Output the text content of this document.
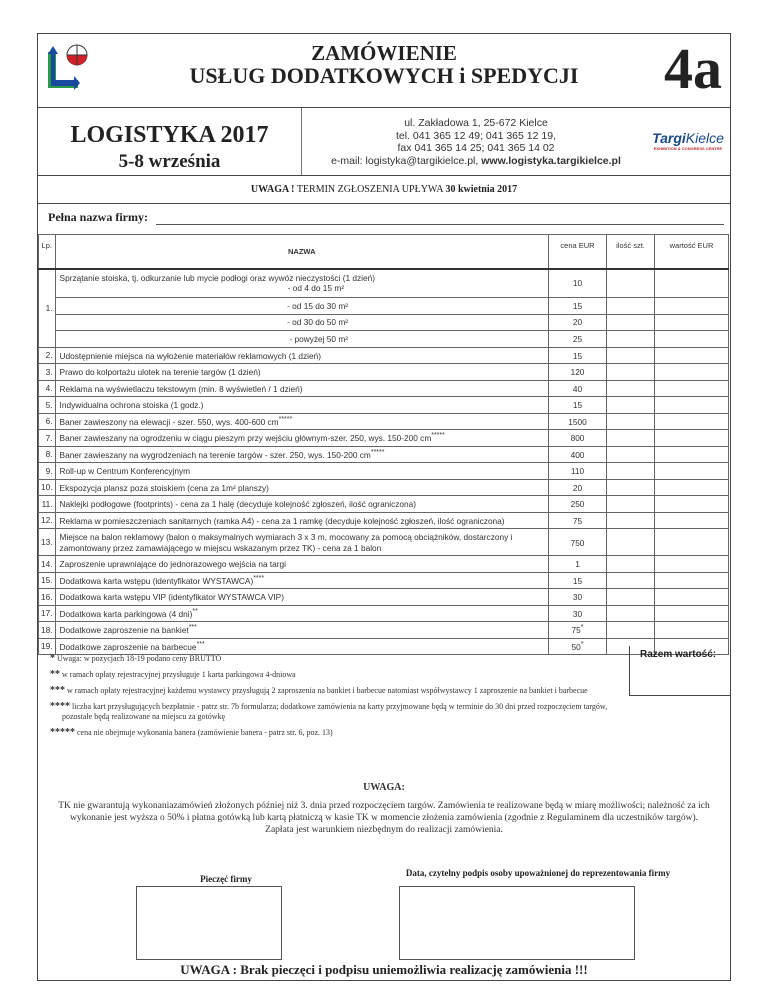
ZAMÓWIENIE
USŁUG DODATKOWYCH i SPEDYCJI	4a
LOGISTYKA 2017
5-8 września
ul. Zakładowa 1, 25-672 Kielce
tel. 041 365 12 49; 041 365 12 19,
fax 041 365 14 25; 041 365 14 02
e-mail: logistyka@targikielce.pl, www.logistyka.targikielce.pl
TargiKielce
EXHIBITION & CONGRESS CENTRE
UWAGA ! TERMIN ZGŁOSZENIA UPŁYWA 30 kwietnia 2017
Pełna nazwa firmy:
Lp.	NAZWA	cena EUR	ilość szt.	wartość EUR
1.	Sprzątanie stoiska, tj. odkurzanie lub mycie podłogi oraz wywóz nieczystości (1 dzień)
- od 4 do 15 m²	10		
	- od 15 do 30 m²	15		
	- od 30 do 50 m²	20		
	- powyżej 50 m²	25		
2.	Udostępnienie miejsca na wyłożenie materiałów reklamowych (1 dzień)	15		
3.	Prawo do kolportażu ulotek na terenie targów (1 dzień)	120		
4.	Reklama na wyświetlaczu tekstowym (min. 8 wyświetleń / 1 dzień)	40		
5.	Indywidualna ochrona stoiska (1 godz.)	15		
6.	Baner zawieszony na elewacji - szer. 550, wys. 400-600 cm*****	1500		
7.	Baner zawieszany na ogrodzeniu w ciągu pieszym przy wejściu głównym-szer. 250, wys. 150-200 cm*****	800		
8.	Baner zawieszany na wygrodzeniach na terenie targów - szer. 250, wys. 150-200 cm*****	400		
9.	Roll-up w Centrum Konferencyjnym	110		
10.	Ekspozycja plansz poza stoiskiem (cena za 1m² planszy)	20		
11.	Naklejki podłogowe (footprints) - cena za 1 halę (decyduje kolejność zgłoszeń, ilość ograniczona)	250		
12.	Reklama w pomieszczeniach sanitarnych (ramka A4) - cena za 1 ramkę (decyduje kolejność zgłoszeń, ilość ograniczona)	75		
13.	Miejsce na balon reklamowy (balon o maksymalnych wymiarach 3 x 3 m, mocowany za pomocą obciążników, dostarczony i zamontowany przez zamawiającego w miejscu wskazanym przez TK) - cena za 1 balon	750		
14.	Zaproszenie uprawniające do jednorazowego wejścia na targi	1		
15.	Dodatkowa karta wstępu (identyfikator WYSTAWCA)****	15		
16.	Dodatkowa karta wstępu VIP (identyfikator WYSTAWCA VIP)	30		
17.	Dodatkowa karta parkingowa (4 dni)**	30		
18.	Dodatkowe zaproszenie na bankiet***	75*		
19.	Dodatkowe zaproszenie na barbecue***	50*		
Razem wartość:

* Uwaga: w pozycjach 18-19 podano ceny BRUTTO

** w ramach opłaty rejestracyjnej przysługuje 1 karta parkingowa 4-dniowa

*** w ramach opłaty rejestracyjnej każdemu wystawcy przysługują 2 zaproszenia na bankiet i barbecue natomiast współwystawcy 1 zaproszenie na bankiet i barbecue

**** liczba kart przysługujących bezpłatnie - patrz str. 7b formularza; dodatkowe zamówienia na karty przyjmowane będą w terminie do 30 dni przed rozpoczęciem targów, pozostałe będą realizowane na miejscu za gotówkę

***** cena nie obejmuje wykonania banera (zamówienie banera - patrz str. 6, poz. 13)

UWAGA:
TK nie gwarantują wykonaniazamówień złożonych później niż 3. dnia przed rozpoczęciem targów. Zamówienia te realizowane będą w miarę możliwości; należność za ich wykonanie jest wyższa o 50% i płatna gotówką lub kartą płatniczą w kasie TK w momencie złożenia zamówienia (zgodnie z Regulaminem dla uczestników targów). Zapłata jest warunkiem niezbędnym do realizacji zamówienia.
Pieczęć firmy
Data, czytelny podpis osoby upoważnionej do reprezentowania firmy
UWAGA : Brak pieczęci i podpisu uniemożliwia realizację zamówienia !!!
